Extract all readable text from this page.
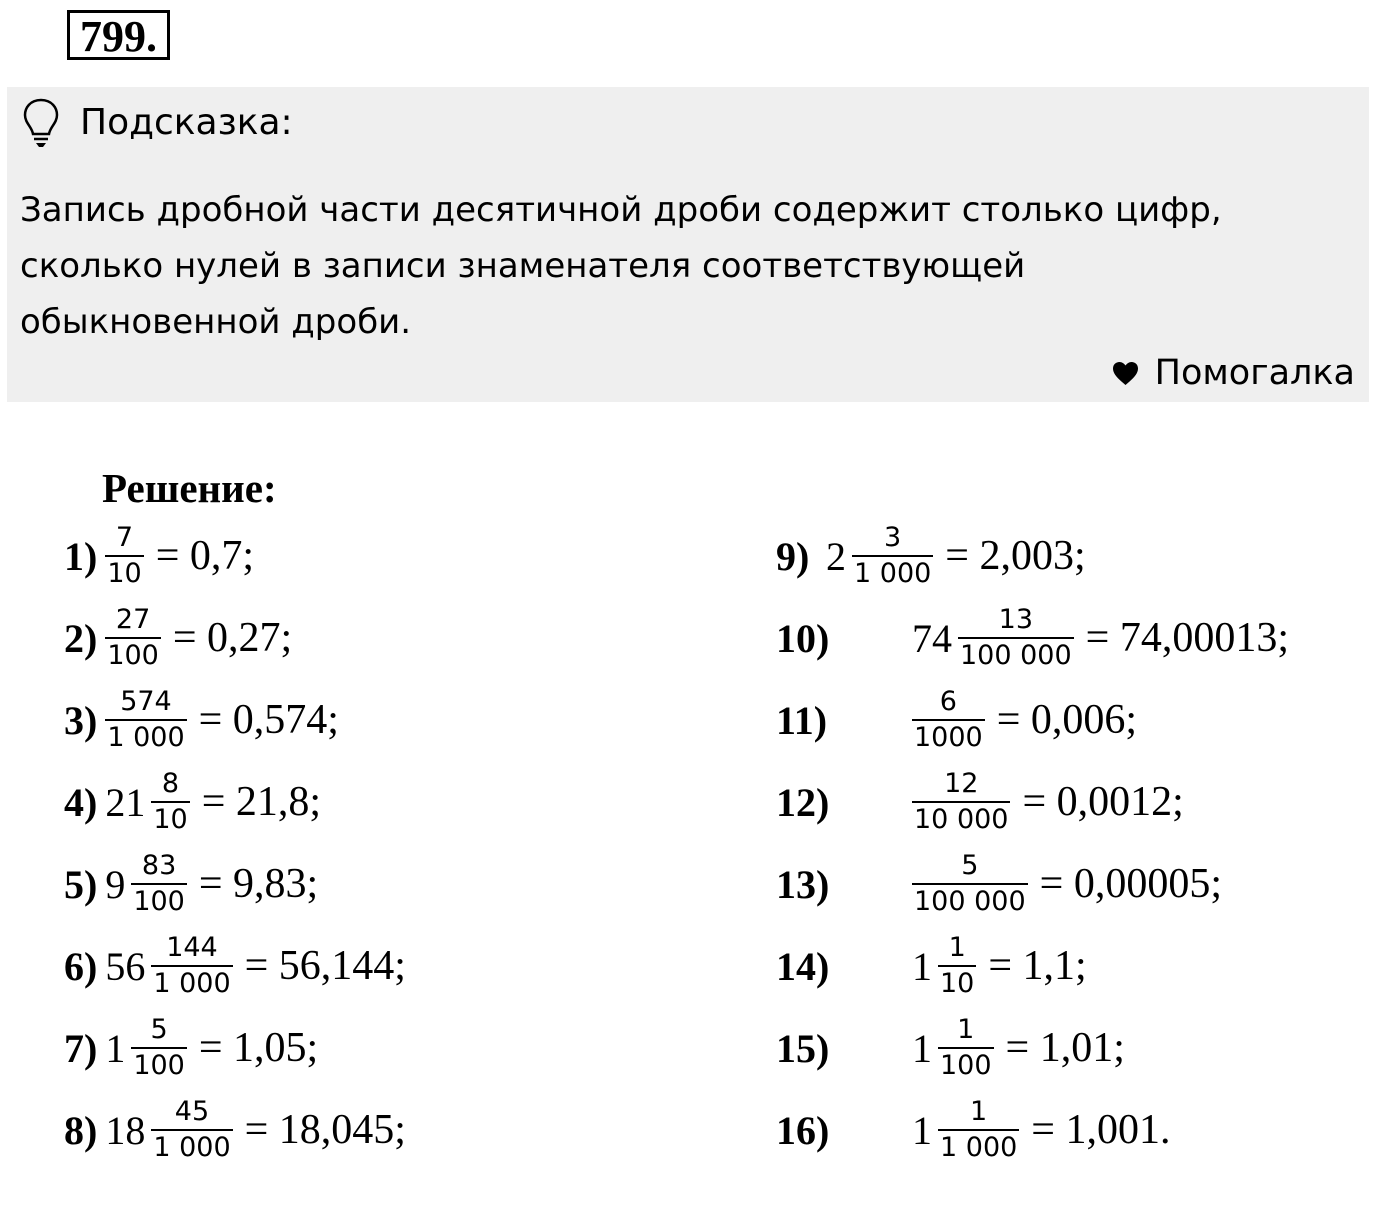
799.
Подсказка:
Запись дробной части десятичной дроби содержит столько цифр,
сколько нулей в записи знаменателя соответствующей
обыкновенной дроби.
Помогалка
Решение:
$1) \frac{7}{10} = 0,7$;
$2) \frac{27}{100} = 0,27$;
$3) \frac{574}{1 000} = 0,574$;
4) $21 \frac{8}{10} = 21,8$;
5) $9 \frac{83}{100} = 9,83$;
6) $56 \frac{144}{1 000} = 56,144$;
7) $1 \frac{5}{100} = 1,05$;
8) $18 \frac{45}{1 000} = 18,045$;
9) $2 \frac{3}{1 000} = 2,003$;
10)	$74 \frac{13}{100 000} = 74,00013$;
11)	$\frac{6}{1000} = 0,006$;
12)	$\frac{12}{10 000} = 0,0012$;
13)	$\frac{5}{100 000} = 0,00005$;
14)	$1 \frac{1}{10} = 1,1$;
15)	$1 \frac{1}{100} = 1,01$;
16)	$1 \frac{1}{1 000} = 1,001$.
